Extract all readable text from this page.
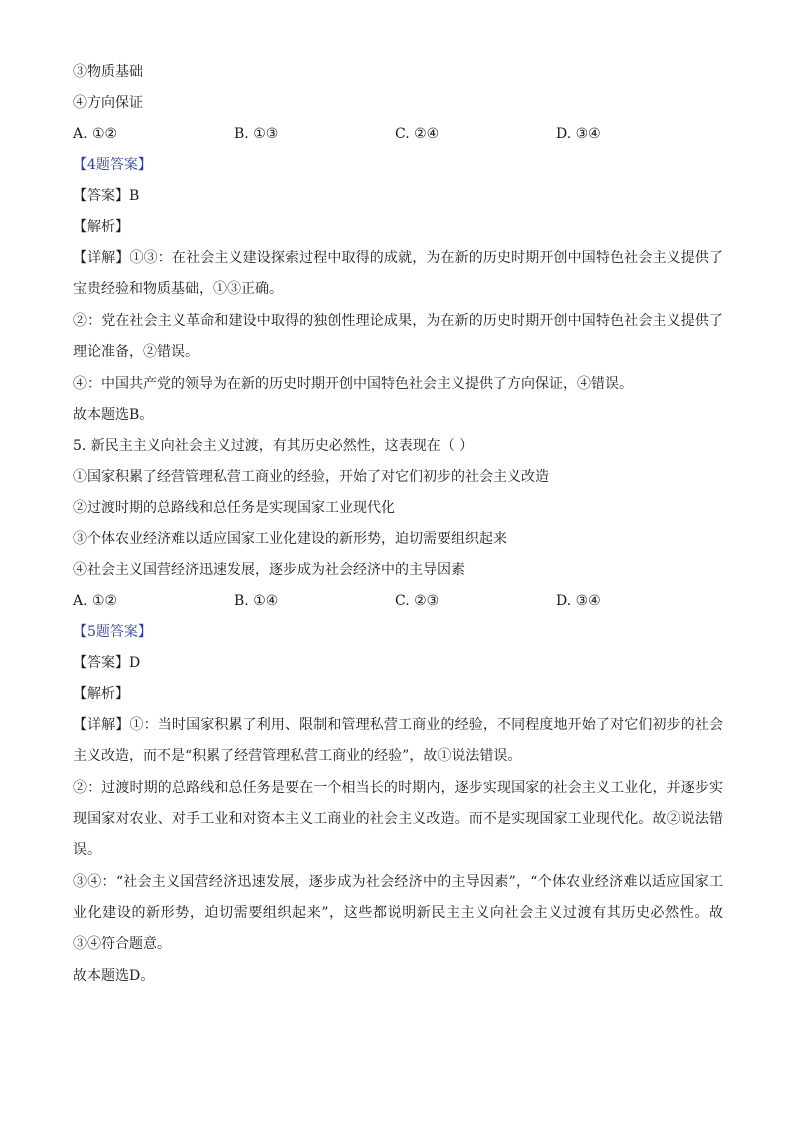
③物质基础
④方向保证
A. ①②	B. ①③	C. ②④	D. ③④
【4题答案】
【答案】B
【解析】
【详解】①③：在社会主义建设探索过程中取得的成就，为在新的历史时期开创中国特色社会主义提供了宝贵经验和物质基础，①③正确。
②：党在社会主义革命和建设中取得的独创性理论成果，为在新的历史时期开创中国特色社会主义提供了理论准备，②错误。
④：中国共产党的领导为在新的历史时期开创中国特色社会主义提供了方向保证，④错误。
故本题选B。
5. 新民主主义向社会主义过渡，有其历史必然性，这表现在（ ）
①国家积累了经营管理私营工商业的经验，开始了对它们初步的社会主义改造
②过渡时期的总路线和总任务是实现国家工业现代化
③个体农业经济难以适应国家工业化建设的新形势，迫切需要组织起来
④社会主义国营经济迅速发展，逐步成为社会经济中的主导因素
A. ①②	B. ①④	C. ②③	D. ③④
【5题答案】
【答案】D
【解析】
【详解】①：当时国家积累了利用、限制和管理私营工商业的经验，不同程度地开始了对它们初步的社会主义改造，而不是“积累了经营管理私营工商业的经验”，故①说法错误。
②：过渡时期的总路线和总任务是要在一个相当长的时期内，逐步实现国家的社会主义工业化，并逐步实现国家对农业、对手工业和对资本主义工商业的社会主义改造。而不是实现国家工业现代化。故②说法错误。
③④：“社会主义国营经济迅速发展，逐步成为社会经济中的主导因素”，“个体农业经济难以适应国家工业化建设的新形势，迫切需要组织起来”，这些都说明新民主主义向社会主义过渡有其历史必然性。故③④符合题意。
故本题选D。
